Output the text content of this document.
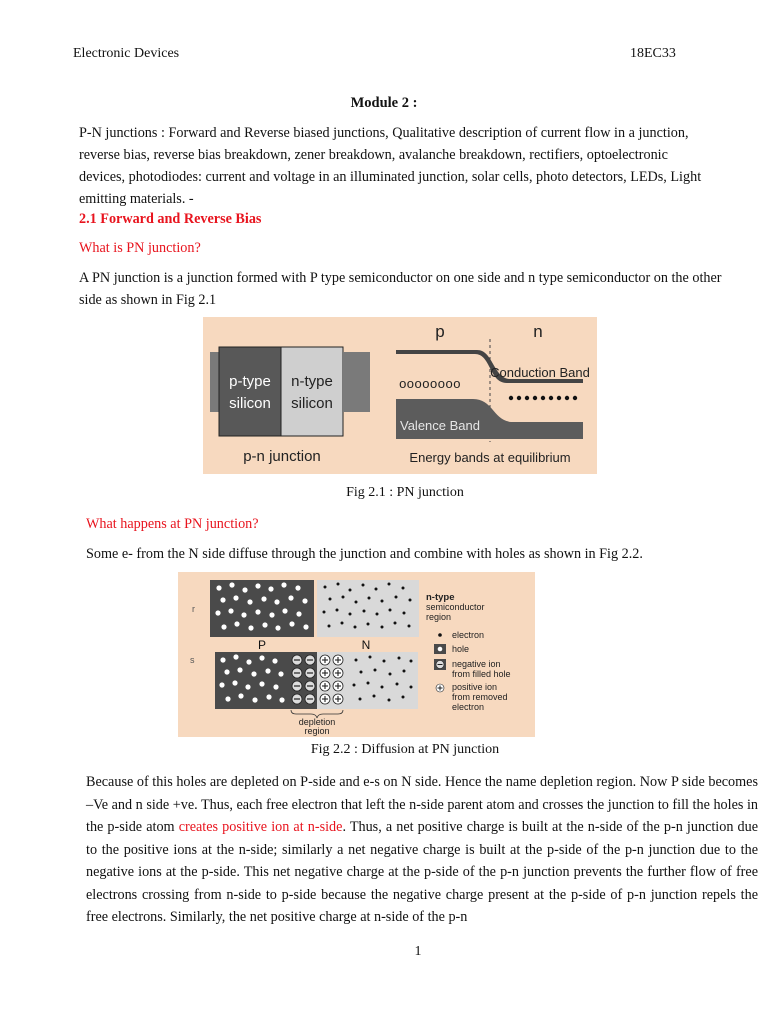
Electronic Devices	18EC33
Module 2 :
P-N junctions : Forward and Reverse biased junctions, Qualitative description of current flow in a junction, reverse bias, reverse bias breakdown, zener breakdown, avalanche breakdown, rectifiers, optoelectronic devices, photodiodes: current and voltage in an illuminated junction, solar cells, photo detectors, LEDs, Light emitting materials. -
2.1 Forward and Reverse Bias
What is PN junction?
A PN junction is a junction formed with P type semiconductor on one side and n type semiconductor on the other side as shown in Fig 2.1
p-type
silicon
n-type
silicon
p-n junction
p	n
oooooooo
Conduction Band
Valence Band
Energy bands at equilibrium
Fig 2.1 : PN junction
What happens at PN junction?
Some e- from the N side diffuse through the junction and combine with holes as shown in Fig 2.2.
r
s
P	N
depletion
region
n-type
semiconductor
region
electron
hole
negative ion
from filled hole
positive ion
from removed
electron
Fig 2.2 : Diffusion at PN junction
Because of this holes are depleted on P-side and e-s on N side. Hence the name depletion region. Now P side becomes –Ve and n side +ve. Thus, each free electron that left the n-side parent atom and crosses the junction to fill the holes in the p-side atom creates positive ion at n-side. Thus, a net positive charge is built at the n-side of the p-n junction due to the positive ions at the n-side; similarly a net negative charge is built at the p-side of the p-n junction due to the negative ions at the p-side. This net negative charge at the p-side of the p-n junction prevents the further flow of free electrons crossing from n-side to p-side because the negative charge present at the p-side of p-n junction repels the free electrons. Similarly, the net positive charge at n-side of the p-n
1
